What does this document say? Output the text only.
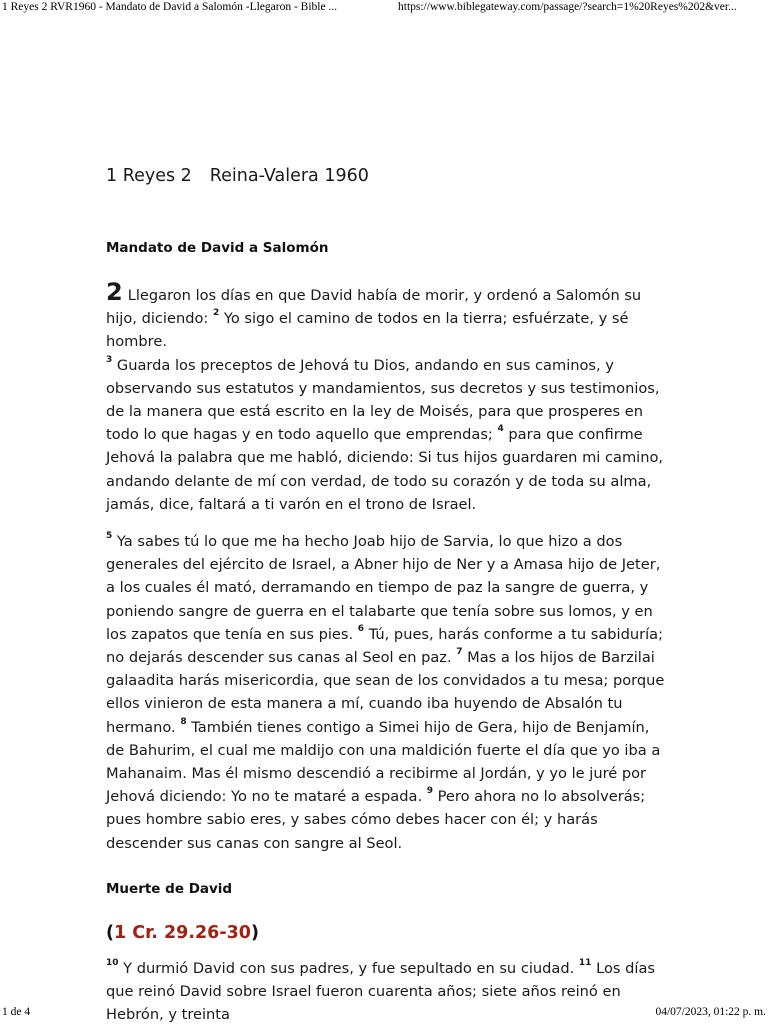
1 Reyes 2 RVR1960 - Mandato de David a Salomón -Llegaron - Bible ...	https://www.biblegateway.com/passage/?search=1%20Reyes%202&ver...
1 Reyes 2 Reina-Valera 1960
Mandato de David a Salomón

2 Llegaron los días en que David había de morir, y ordenó a Salomón su hijo, diciendo: $^2$ Yo sigo el camino de todos en la tierra; esfuérzate, y sé hombre.
$^3$ Guarda los preceptos de Jehová tu Dios, andando en sus caminos, y observando sus estatutos y mandamientos, sus decretos y sus testimonios, de la manera que está escrito en la ley de Moisés, para que prosperes en todo lo que hagas y en todo aquello que emprendas; $^4$ para que confirme Jehová la palabra que me habló, diciendo: Si tus hijos guardaren mi camino, andando delante de mí con verdad, de todo su corazón y de toda su alma, jamás, dice, faltará a ti varón en el trono de Israel.

$^5$ Ya sabes tú lo que me ha hecho Joab hijo de Sarvia, lo que hizo a dos generales del ejército de Israel, a Abner hijo de Ner y a Amasa hijo de Jeter, a los cuales él mató, derramando en tiempo de paz la sangre de guerra, y poniendo sangre de guerra en el talabarte que tenía sobre sus lomos, y en los zapatos que tenía en sus pies. $^6$ Tú, pues, harás conforme a tu sabiduría; no dejarás descender sus canas al Seol en paz. $^7$ Mas a los hijos de Barzilai galaadita harás misericordia, que sean de los convidados a tu mesa; porque ellos vinieron de esta manera a mí, cuando iba huyendo de Absalón tu hermano. $^8$ También tienes contigo a Simei hijo de Gera, hijo de Benjamín, de Bahurim, el cual me maldijo con una maldición fuerte el día que yo iba a Mahanaim. Mas él mismo descendió a recibirme al Jordán, y yo le juré por Jehová diciendo: Yo no te mataré a espada. $^9$ Pero ahora no lo absolverás; pues hombre sabio eres, y sabes cómo debes hacer con él; y harás descender sus canas con sangre al Seol.

Muerte de David

(1 Cr. 29.26-30)

$^{10}$ Y durmió David con sus padres, y fue sepultado en su ciudad. $^{11}$ Los días que reinó David sobre Israel fueron cuarenta años; siete años reinó en Hebrón, y treinta

1 de 4	04/07/2023, 01:22 p. m.
